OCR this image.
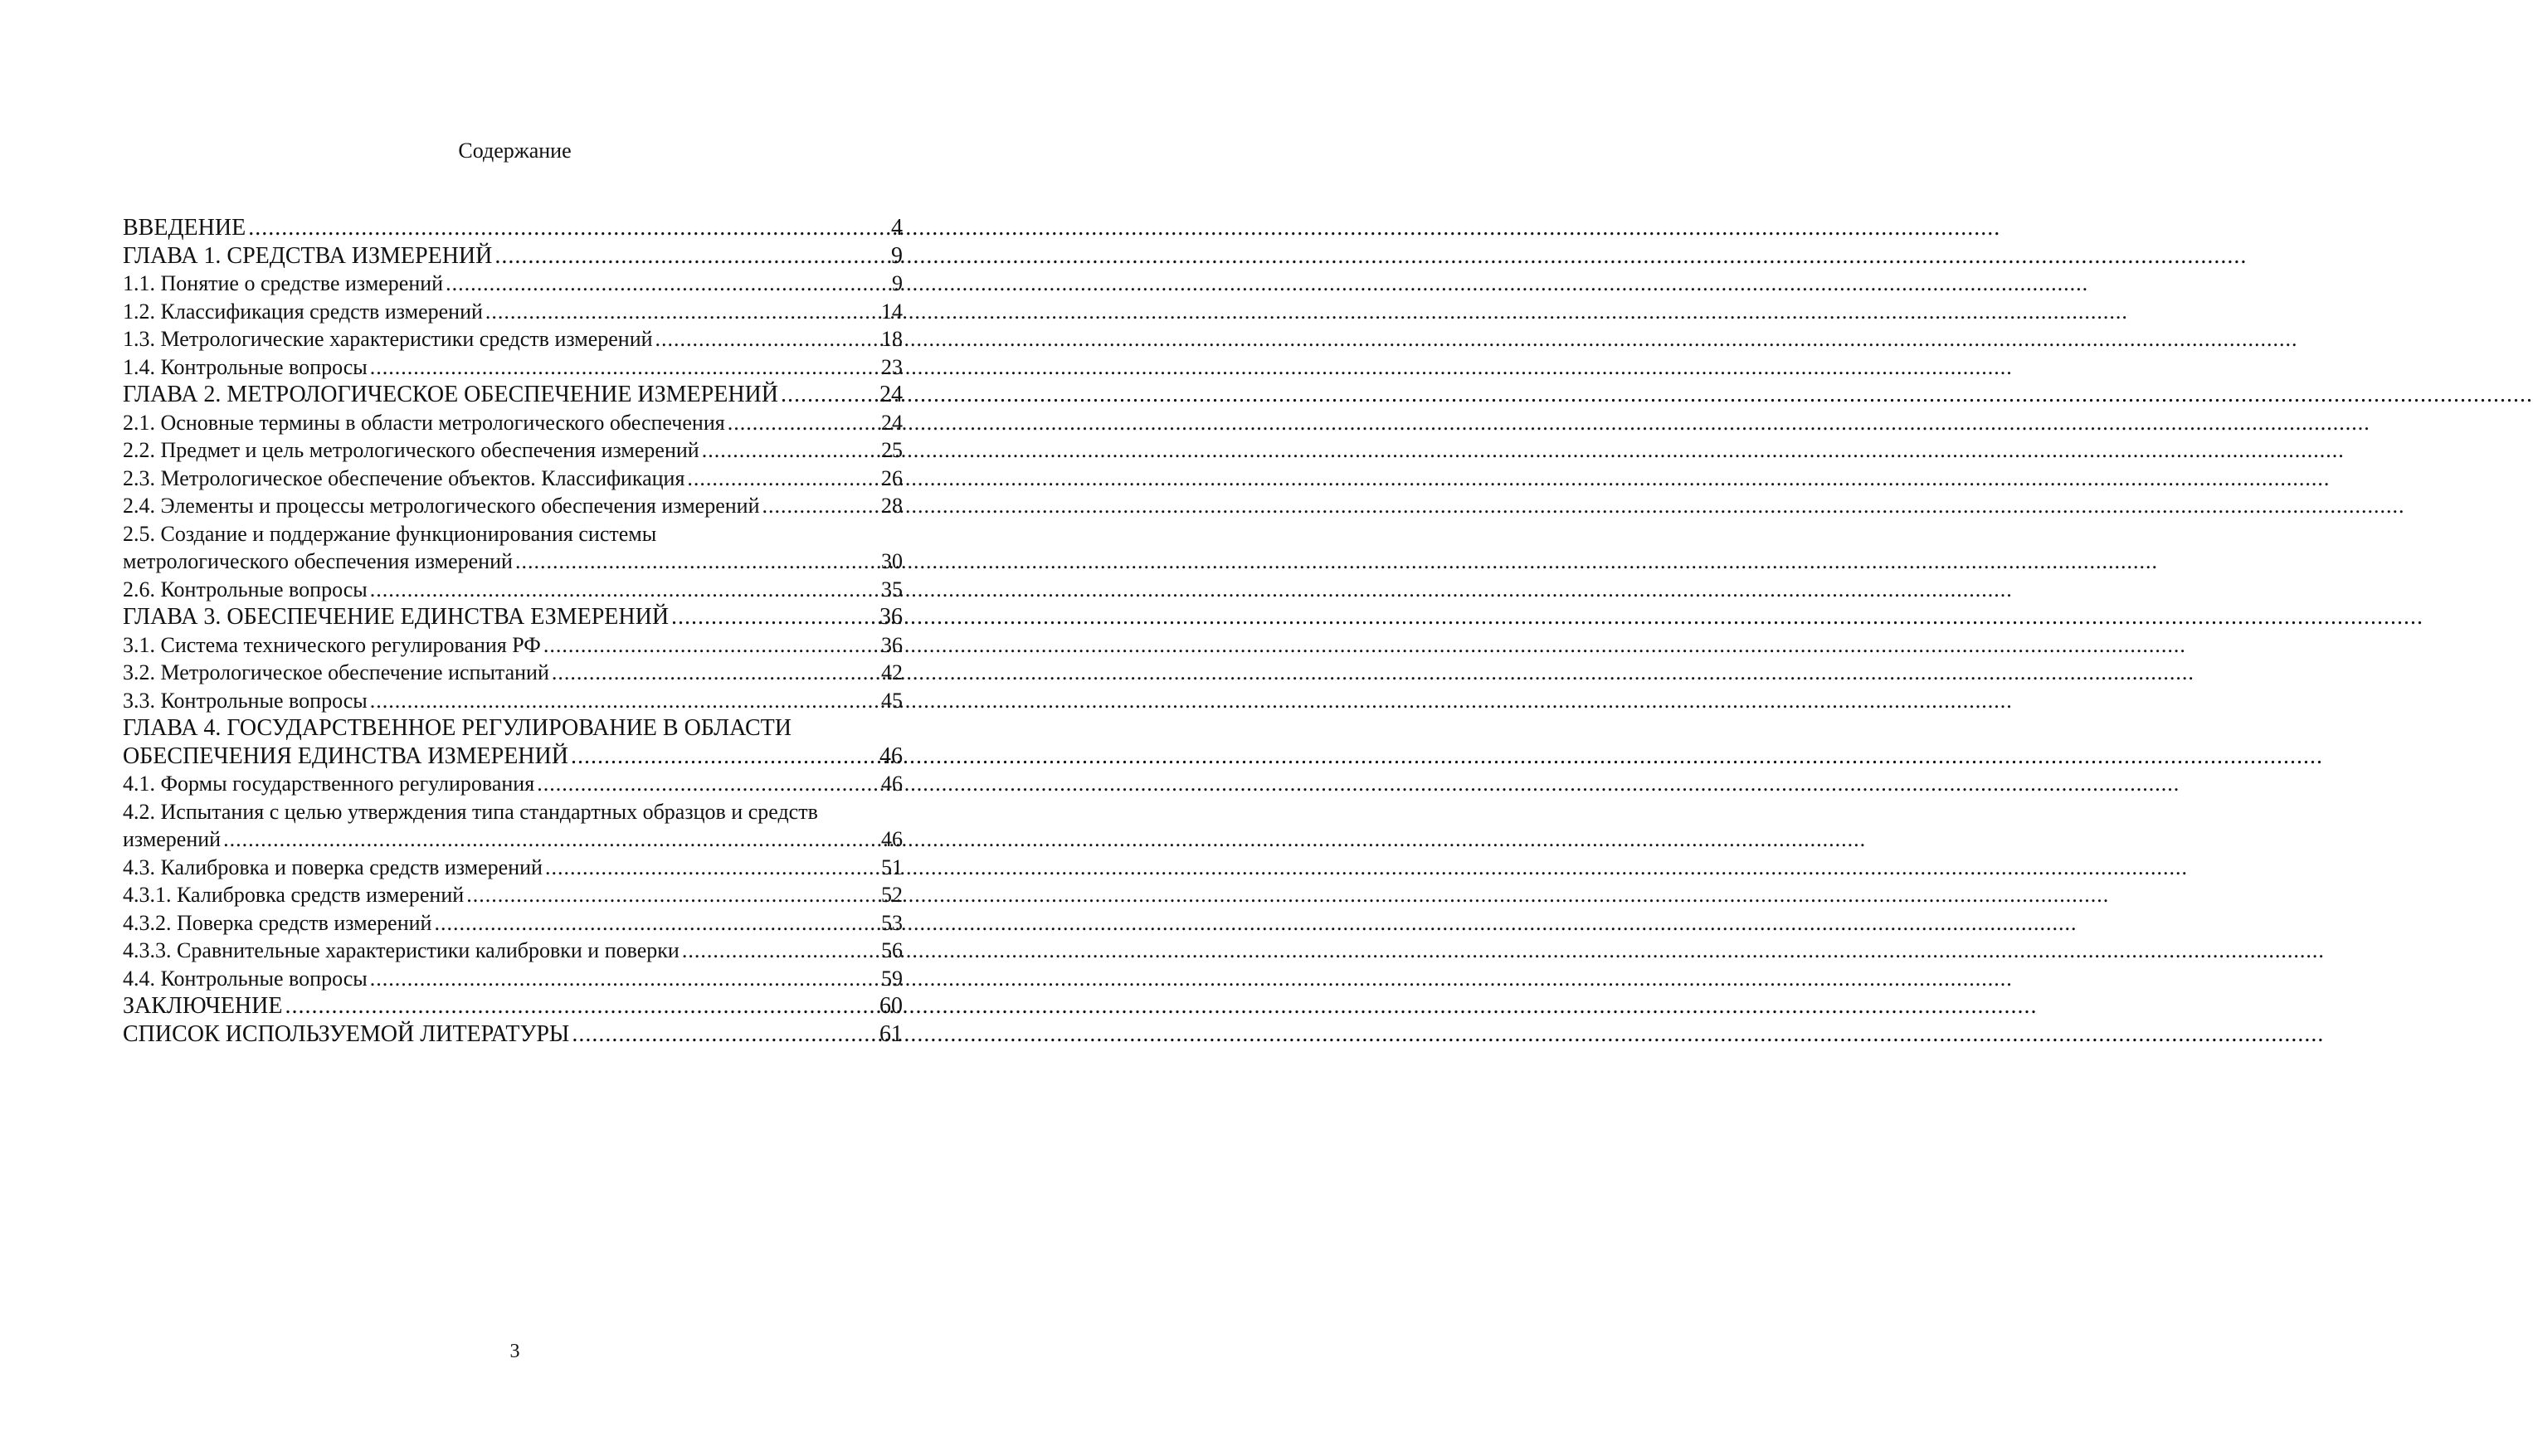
Содержание
ВВЕДЕНИЕ .....	4
ГЛАВА 1. СРЕДСТВА ИЗМЕРЕНИЙ .....	9
1.1. Понятие о средстве измерений .....	9
1.2. Классификация средств измерений .....	14
1.3. Метрологические характеристики средств измерений .....	18
1.4. Контрольные вопросы .....	23
ГЛАВА 2. МЕТРОЛОГИЧЕСКОЕ ОБЕСПЕЧЕНИЕ ИЗМЕРЕНИЙ .....	24
2.1. Основные термины в области метрологического обеспечения .....	24
2.2. Предмет и цель метрологического обеспечения измерений .....	25
2.3. Метрологическое обеспечение объектов. Классификация .....	26
2.4. Элементы и процессы метрологического обеспечения измерений .....	28
2.5. Создание и поддержание функционирования системы
метрологического обеспечения измерений .....	30
2.6. Контрольные вопросы .....	35
ГЛАВА 3. ОБЕСПЕЧЕНИЕ ЕДИНСТВА ЕЗМЕРЕНИЙ .....	36
3.1. Система технического регулирования РФ .....	36
3.2. Метрологическое обеспечение испытаний .....	42
3.3. Контрольные вопросы .....	45
ГЛАВА 4. ГОСУДАРСТВЕННОЕ РЕГУЛИРОВАНИЕ В ОБЛАСТИ
ОБЕСПЕЧЕНИЯ ЕДИНСТВА ИЗМЕРЕНИЙ .....	46
4.1. Формы государственного регулирования .....	46
4.2. Испытания с целью утверждения типа стандартных образцов и средств
измерений .....	46
4.3. Калибровка и поверка средств измерений .....	51
4.3.1. Калибровка средств измерений .....	52
4.3.2. Поверка средств измерений .....	53
4.3.3. Сравнительные характеристики калибровки и поверки .....	56
4.4. Контрольные вопросы .....	59
ЗАКЛЮЧЕНИЕ .....	60
СПИСОК ИСПОЛЬЗУЕМОЙ ЛИТЕРАТУРЫ .....	61
3
